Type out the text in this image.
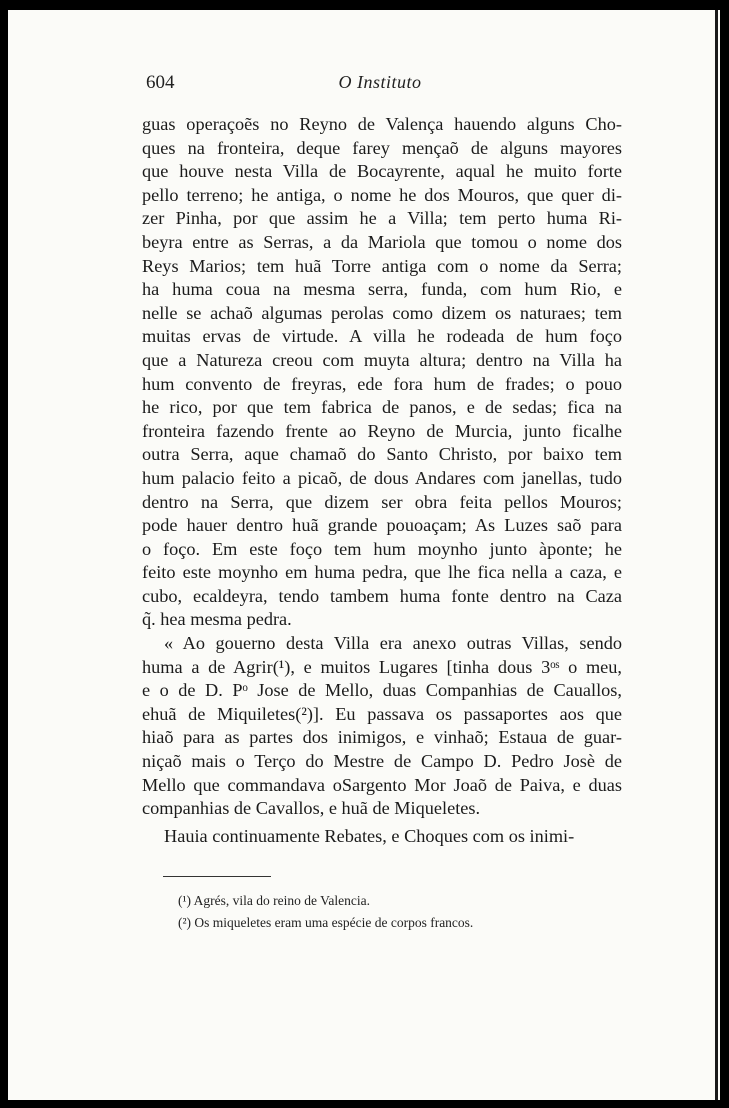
604	O Instituto
guas operaçoẽs no Reyno de Valença hauendo alguns Cho-
ques na fronteira, deque farey mençaõ de alguns mayores
que houve nesta Villa de Bocayrente, aqual he muito forte
pello terreno; he antiga, o nome he dos Mouros, que quer di-
zer Pinha, por que assim he a Villa; tem perto huma Ri-
beyra entre as Serras, a da Mariola que tomou o nome dos
Reys Marios; tem huã Torre antiga com o nome da Serra;
ha huma coua na mesma serra, funda, com hum Rio, e
nelle se achaõ algumas perolas como dizem os naturaes; tem
muitas ervas de virtude. A villa he rodeada de hum foço
que a Natureza creou com muyta altura; dentro na Villa ha
hum convento de freyras, ede fora hum de frades; o pouo
he rico, por que tem fabrica de panos, e de sedas; fica na
fronteira fazendo frente ao Reyno de Murcia, junto ficalhe
outra Serra, aque chamaõ do Santo Christo, por baixo tem
hum palacio feito a picaõ, de dous Andares com janellas, tudo
dentro na Serra, que dizem ser obra feita pellos Mouros;
pode hauer dentro huã grande pouoaçam; As Luzes saõ para
o foço. Em este foço tem hum moynho junto àponte; he
feito este moynho em huma pedra, que lhe fica nella a caza, e
cubo, ecaldeyra, tendo tambem huma fonte dentro na Caza
q̃. hea mesma pedra.
« Ao gouerno desta Villa era anexo outras Villas, sendo
huma a de Agrir(¹), e muitos Lugares [tinha dous 3ᵒˢ o meu,
e o de D. Pᵒ Jose de Mello, duas Companhias de Cauallos,
ehuã de Miquiletes(²)]. Eu passava os passaportes aos que
hiaõ para as partes dos inimigos, e vinhaõ; Estaua de guar-
niçaõ mais o Terço do Mestre de Campo D. Pedro Josè de
Mello que commandava oSargento Mor Joaõ de Paiva, e duas
companhias de Cavallos, e huã de Miqueletes.
Hauia continuamente Rebates, e Choques com os inimi-
(¹) Agrés, vila do reino de Valencia.
(²) Os miqueletes eram uma espécie de corpos francos.
